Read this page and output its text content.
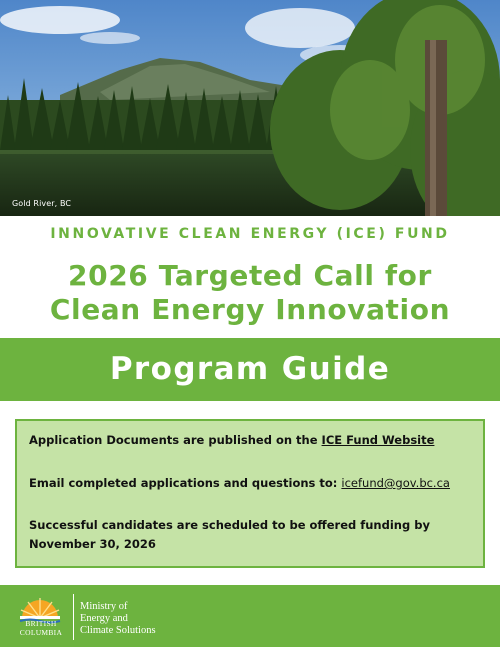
Gold River, BC
INNOVATIVE CLEAN ENERGY (ICE) FUND
2026 Targeted Call for
Clean Energy Innovation
Program Guide

Application Documents are published on the ICE Fund Website

Email completed applications and questions to: icefund@gov.bc.ca

Successful candidates are scheduled to be offered funding by November 30, 2026

BRITISH
COLUMBIA
Ministry of
Energy and
Climate Solutions
